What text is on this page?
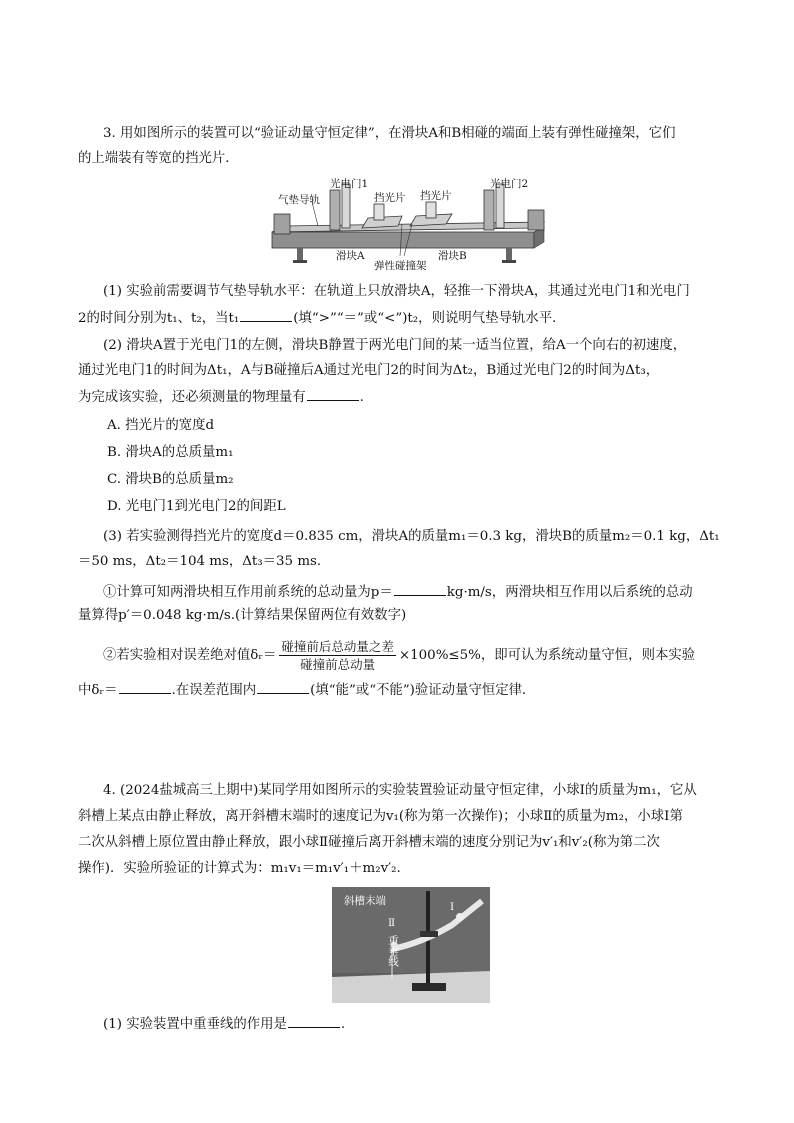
3. 用如图所示的装置可以“验证动量守恒定律”，在滑块A和B相碰的端面上装有弹性碰撞架，它们
的上端装有等宽的挡光片．
气垫导轨
光电门1
挡光片 挡光片
光电门2
滑块A
弹性碰撞架
滑块B
(1) 实验前需要调节气垫导轨水平：在轨道上只放滑块A，轻推一下滑块A，其通过光电门1和光电门
2的时间分别为t₁、t₂，当t₁	(填“>”“＝”或“<”)t₂，则说明气垫导轨水平．
(2) 滑块A置于光电门1的左侧，滑块B静置于两光电门间的某一适当位置，给A一个向右的初速度，
通过光电门1的时间为Δt₁，A与B碰撞后A通过光电门2的时间为Δt₂，B通过光电门2的时间为Δt₃，
为完成该实验，还必须测量的物理量有	.
A. 挡光片的宽度d
B. 滑块A的总质量m₁
C. 滑块B的总质量m₂
D. 光电门1到光电门2的间距L
(3) 若实验测得挡光片的宽度d＝0.835 cm，滑块A的质量m₁＝0.3 kg，滑块B的质量m₂＝0.1 kg，Δt₁
＝50 ms，Δt₂＝104 ms，Δt₃＝35 ms.
①计算可知两滑块相互作用前系统的总动量为p＝	kg·m/s，两滑块相互作用以后系统的总动
量算得p′＝0.048 kg·m/s.(计算结果保留两位有效数字)
②若实验相对误差绝对值δᵣ＝ $\frac{\text{碰撞前后总动量之差}}{\text{碰撞前总动量}} \times 100\%\le 5\%$，即可认为系统动量守恒，则本实验
中δᵣ＝	.在误差范围内	(填“能”或“不能”)验证动量守恒定律．
4. (2024盐城高三上期中)某同学用如图所示的实验装置验证动量守恒定律，小球Ⅰ的质量为m₁，它从
斜槽上某点由静止释放，离开斜槽末端时的速度记为v₁(称为第一次操作)；小球Ⅱ的质量为m₂，小球Ⅰ第
二次从斜槽上原位置由静止释放，跟小球Ⅱ碰撞后离开斜槽末端的速度分别记为v′₁和v′₂(称为第二次
操作)．实验所验证的计算式为：m₁v₁＝m₁v′₁＋m₂v′₂.
斜槽末端
Ⅱ
Ⅰ
重垂线
(1) 实验装置中重垂线的作用是	.
